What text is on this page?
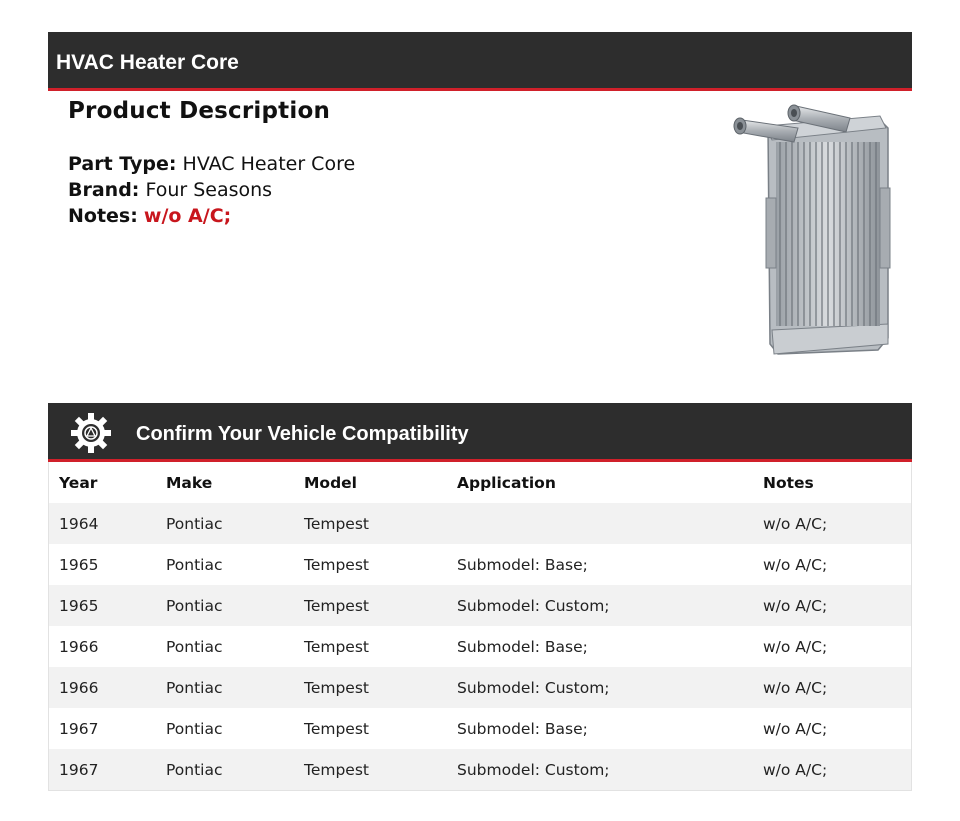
HVAC Heater Core
Product Description
Part Type: HVAC Heater Core
Brand: Four Seasons
Notes: w/o A/C;
Confirm Your Vehicle Compatibility
Year	Make	Model	Application	Notes
1964	Pontiac	Tempest		w/o A/C;
1965	Pontiac	Tempest	Submodel: Base;	w/o A/C;
1965	Pontiac	Tempest	Submodel: Custom;	w/o A/C;
1966	Pontiac	Tempest	Submodel: Base;	w/o A/C;
1966	Pontiac	Tempest	Submodel: Custom;	w/o A/C;
1967	Pontiac	Tempest	Submodel: Base;	w/o A/C;
1967	Pontiac	Tempest	Submodel: Custom;	w/o A/C;
